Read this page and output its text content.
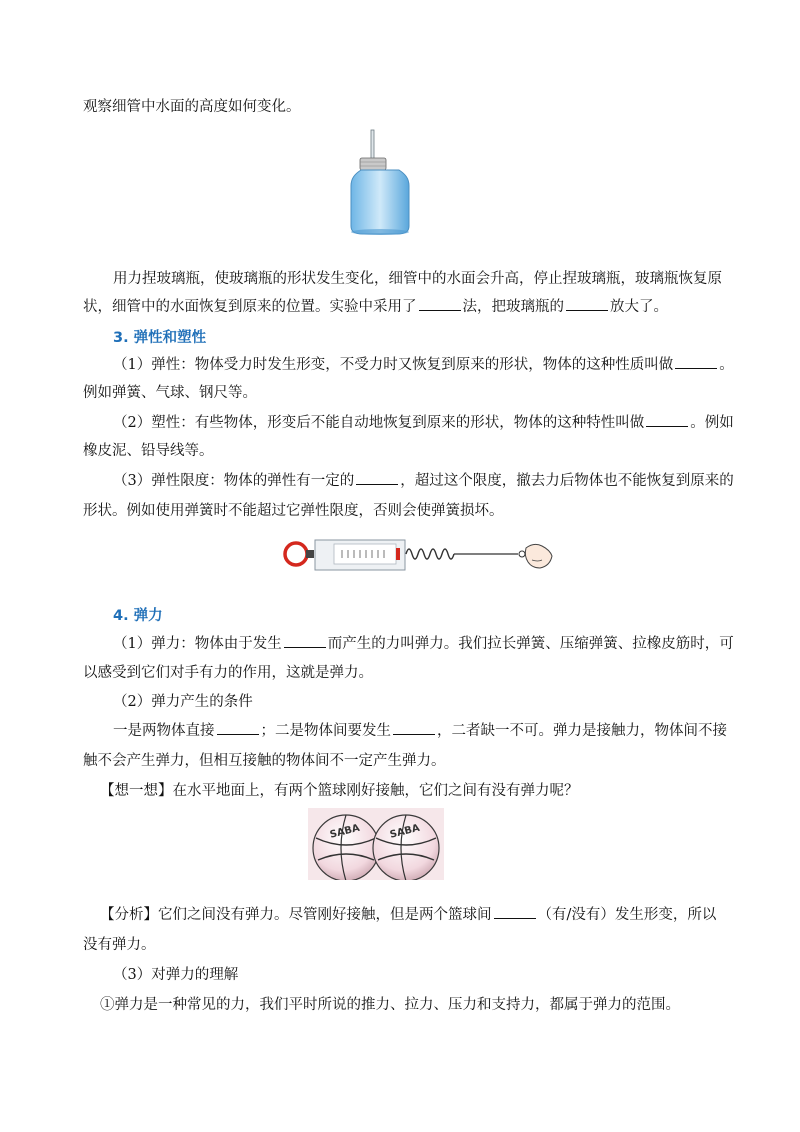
观察细管中水面的高度如何变化。
用力捏玻璃瓶，使玻璃瓶的形状发生变化，细管中的水面会升高，停止捏玻璃瓶，玻璃瓶恢复原
状，细管中的水面恢复到原来的位置。实验中采用了	法，把玻璃瓶的	放大了。
3. 弹性和塑性
（1）弹性：物体受力时发生形变，不受力时又恢复到原来的形状，物体的这种性质叫做	。
例如弹簧、气球、钢尺等。
（2）塑性：有些物体，形变后不能自动地恢复到原来的形状，物体的这种特性叫做	。例如
橡皮泥、铅导线等。
（3）弹性限度：物体的弹性有一定的	，超过这个限度，撤去力后物体也不能恢复到原来的
形状。例如使用弹簧时不能超过它弹性限度，否则会使弹簧损坏。
4. 弹力
（1）弹力：物体由于发生	而产生的力叫弹力。我们拉长弹簧、压缩弹簧、拉橡皮筋时，可
以感受到它们对手有力的作用，这就是弹力。
（2）弹力产生的条件
一是两物体直接	；二是物体间要发生	，二者缺一不可。弹力是接触力，物体间不接
触不会产生弹力，但相互接触的物体间不一定产生弹力。
【想一想】在水平地面上，有两个篮球刚好接触，它们之间有没有弹力呢？
SABA	SABA
【分析】它们之间没有弹力。尽管刚好接触，但是两个篮球间	（有/没有）发生形变，所以
没有弹力。
（3）对弹力的理解
①弹力是一种常见的力，我们平时所说的推力、拉力、压力和支持力，都属于弹力的范围。
